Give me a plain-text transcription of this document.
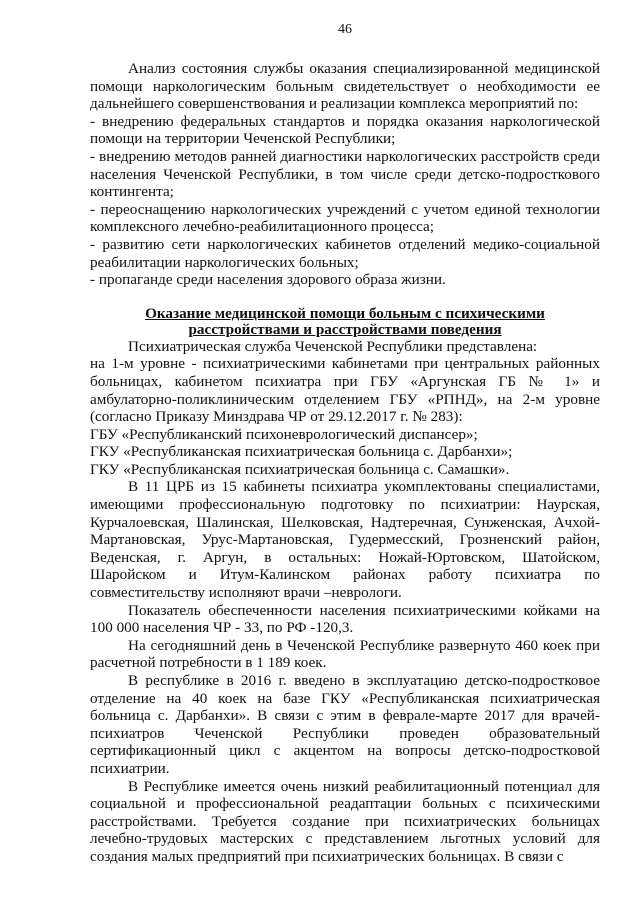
46

Анализ состояния службы оказания специализированной медицинской помощи наркологическим больным свидетельствует о необходимости ее дальнейшего совершенствования и реализации комплекса мероприятий по:

- внедрению федеральных стандартов и порядка оказания наркологической помощи на территории Чеченской Республики;

- внедрению методов ранней диагностики наркологических расстройств среди населения Чеченской Республики, в том числе среди детско-подросткового контингента;

- переоснащению наркологических учреждений с учетом единой технологии комплексного лечебно-реабилитационного процесса;

- развитию сети наркологических кабинетов отделений медико-социальной реабилитации наркологических больных;

- пропаганде среди населения здорового образа жизни.

Оказание медицинской помощи больным с психическими
расстройствами и расстройствами поведения

Психиатрическая служба Чеченской Республики представлена:

на 1-м уровне - психиатрическими кабинетами при центральных районных больницах, кабинетом психиатра при ГБУ «Аргунская ГБ № 1» и амбулаторно-поликлиническим отделением ГБУ «РПНД», на 2-м уровне (согласно Приказу Минздрава ЧР от 29.12.2017 г. № 283):

ГБУ «Республиканский психоневрологический диспансер»;

ГКУ «Республиканская психиатрическая больница с. Дарбанхи»;

ГКУ «Республиканская психиатрическая больница с. Самашки».

В 11 ЦРБ из 15 кабинеты психиатра укомплектованы специалистами, имеющими профессиональную подготовку по психиатрии: Наурская, Курчалоевская, Шалинская, Шелковская, Надтеречная, Сунженская, Ачхой-Мартановская, Урус-Мартановская, Гудермесский, Грозненский район, Веденская, г. Аргун, в остальных: Ножай-Юртовском, Шатойском, Шаройском и Итум-Калинском районах работу психиатра по совместительству исполняют врачи –неврологи.

Показатель обеспеченности населения психиатрическими койками на 100 000 населения ЧР - 33, по РФ -120,3.

На сегодняшний день в Чеченской Республике развернуто 460 коек при расчетной потребности в 1 189 коек.

В республике в 2016 г. введено в эксплуатацию детско-подростковое отделение на 40 коек на базе ГКУ «Республиканская психиатрическая больница с. Дарбанхи». В связи с этим в феврале-марте 2017 для врачей-психиатров Чеченской Республики проведен образовательный сертификационный цикл с акцентом на вопросы детско-подростковой психиатрии.

В Республике имеется очень низкий реабилитационный потенциал для социальной и профессиональной реадаптации больных с психическими расстройствами. Требуется создание при психиатрических больницах лечебно-трудовых мастерских с представлением льготных условий для создания малых предприятий при психиатрических больницах. В связи с
